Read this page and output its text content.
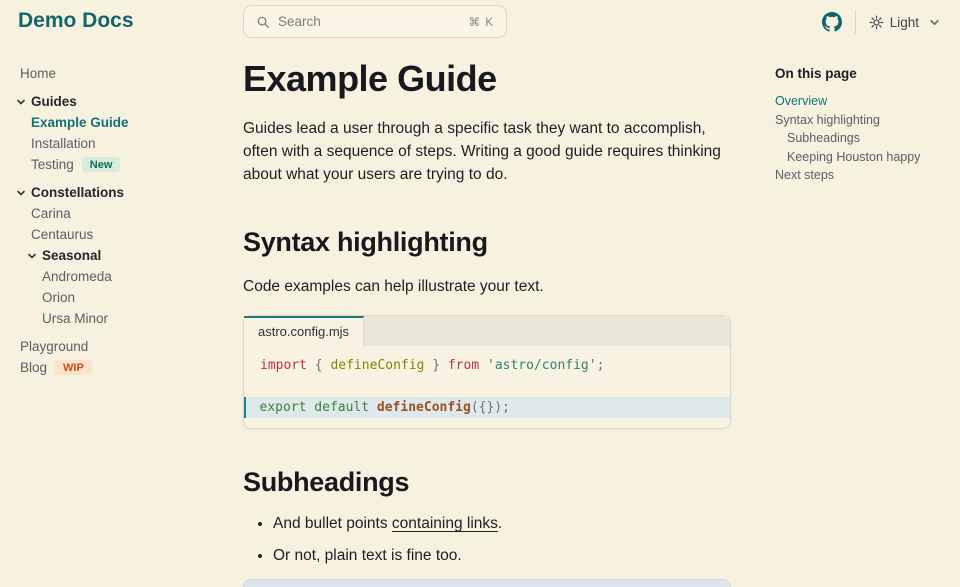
Demo Docs	Search	⌘ K	Light
Home
Guides
Example Guide
Installation
Testing	New
Constellations
Carina
Centaurus
Seasonal
Andromeda
Orion
Ursa Minor
Playground
Blog	WIP
Example Guide

Guides lead a user through a specific task they want to accomplish, often with a sequence of steps. Writing a good guide requires thinking about what your users are trying to do.

Syntax highlighting

Code examples can help illustrate your text.

astro.config.mjs
import { defineConfig } from 'astro/config';
export default defineConfig({});
Subheadings
• And bullet points containing links.
• Or not, plain text is fine too.
On this page
Overview
Syntax highlighting
Subheadings
Keeping Houston happy
Next steps
